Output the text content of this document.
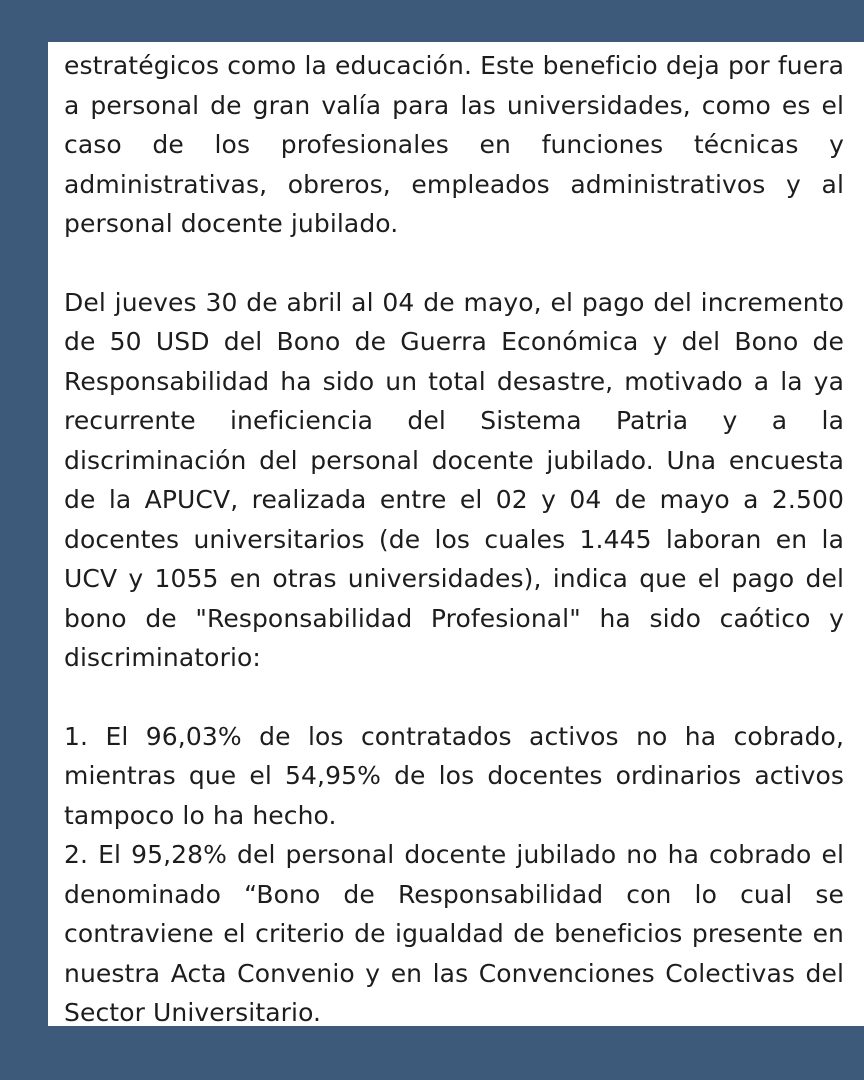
estratégicos como la educación. Este beneficio deja por fuera a personal de gran valía para las universidades, como es el caso de los profesionales en funciones técnicas y administrativas, obreros, empleados administrativos y al personal docente jubilado.

Del jueves 30 de abril al 04 de mayo, el pago del incremento de 50 USD del Bono de Guerra Económica y del Bono de Responsabilidad ha sido un total desastre, motivado a la ya recurrente ineficiencia del Sistema Patria y a la discriminación del personal docente jubilado. Una encuesta de la APUCV, realizada entre el 02 y 04 de mayo a 2.500 docentes universitarios (de los cuales 1.445 laboran en la UCV y 1055 en otras universidades), indica que el pago del bono de "Responsabilidad Profesional" ha sido caótico y discriminatorio:

1. El 96,03% de los contratados activos no ha cobrado, mientras que el 54,95% de los docentes ordinarios activos tampoco lo ha hecho.

2. El 95,28% del personal docente jubilado no ha cobrado el denominado “Bono de Responsabilidad con lo cual se contraviene el criterio de igualdad de beneficios presente en nuestra Acta Convenio y en las Convenciones Colectivas del Sector Universitario.
